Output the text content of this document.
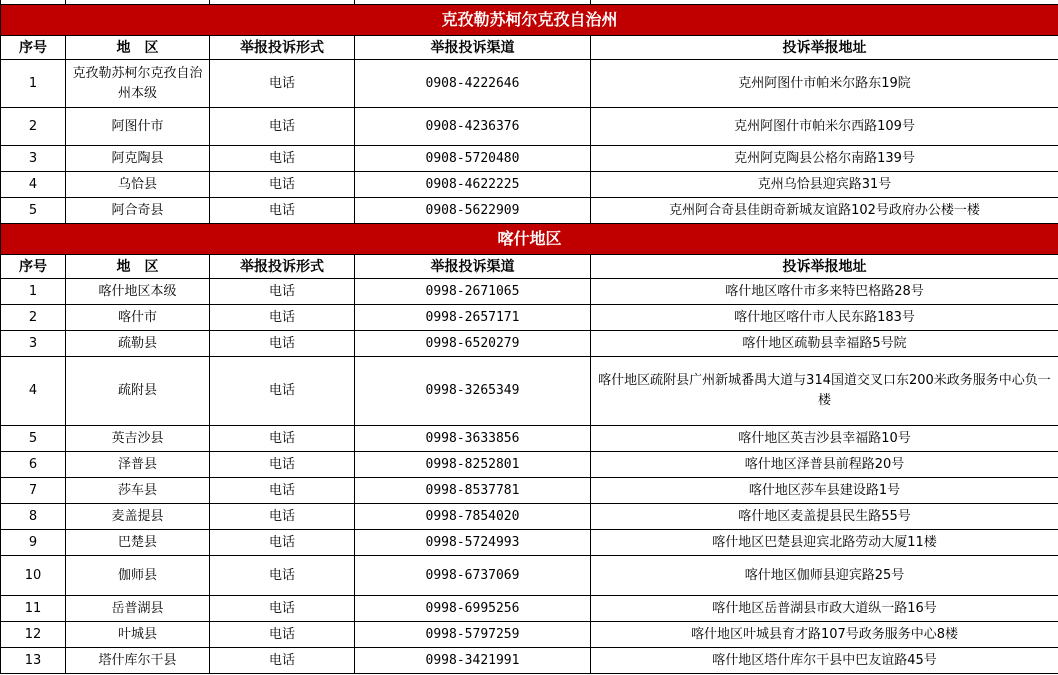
克孜勒苏柯尔克孜自治州				
序号	地　区	举报投诉形式	举报投诉渠道	投诉举报地址
1	克孜勒苏柯尔克孜自治州本级	电话	0908-4222646	克州阿图什市帕米尔路东19院
2	阿图什市	电话	0908-4236376	克州阿图什市帕米尔西路109号
3	阿克陶县	电话	0908-5720480	克州阿克陶县公格尔南路139号
4	乌恰县	电话	0908-4622225	克州乌恰县迎宾路31号
5	阿合奇县	电话	0908-5622909	克州阿合奇县佳朗奇新城友谊路102号政府办公楼一楼
喀什地区				
序号	地　区	举报投诉形式	举报投诉渠道	投诉举报地址
1	喀什地区本级	电话	0998-2671065	喀什地区喀什市多来特巴格路28号
2	喀什市	电话	0998-2657171	喀什地区喀什市人民东路183号
3	疏勒县	电话	0998-6520279	喀什地区疏勒县幸福路5号院
4	疏附县	电话	0998-3265349	喀什地区疏附县广州新城番禺大道与314国道交叉口东200米政务服务中心负一楼
5	英吉沙县	电话	0998-3633856	喀什地区英吉沙县幸福路10号
6	泽普县	电话	0998-8252801	喀什地区泽普县前程路20号
7	莎车县	电话	0998-8537781	喀什地区莎车县建设路1号
8	麦盖提县	电话	0998-7854020	喀什地区麦盖提县民生路55号
9	巴楚县	电话	0998-5724993	喀什地区巴楚县迎宾北路劳动大厦11楼
10	伽师县	电话	0998-6737069	喀什地区伽师县迎宾路25号
11	岳普湖县	电话	0998-6995256	喀什地区岳普湖县市政大道纵一路16号
12	叶城县	电话	0998-5797259	喀什地区叶城县育才路107号政务服务中心8楼
13	塔什库尔干县	电话	0998-3421991	喀什地区塔什库尔干县中巴友谊路45号
